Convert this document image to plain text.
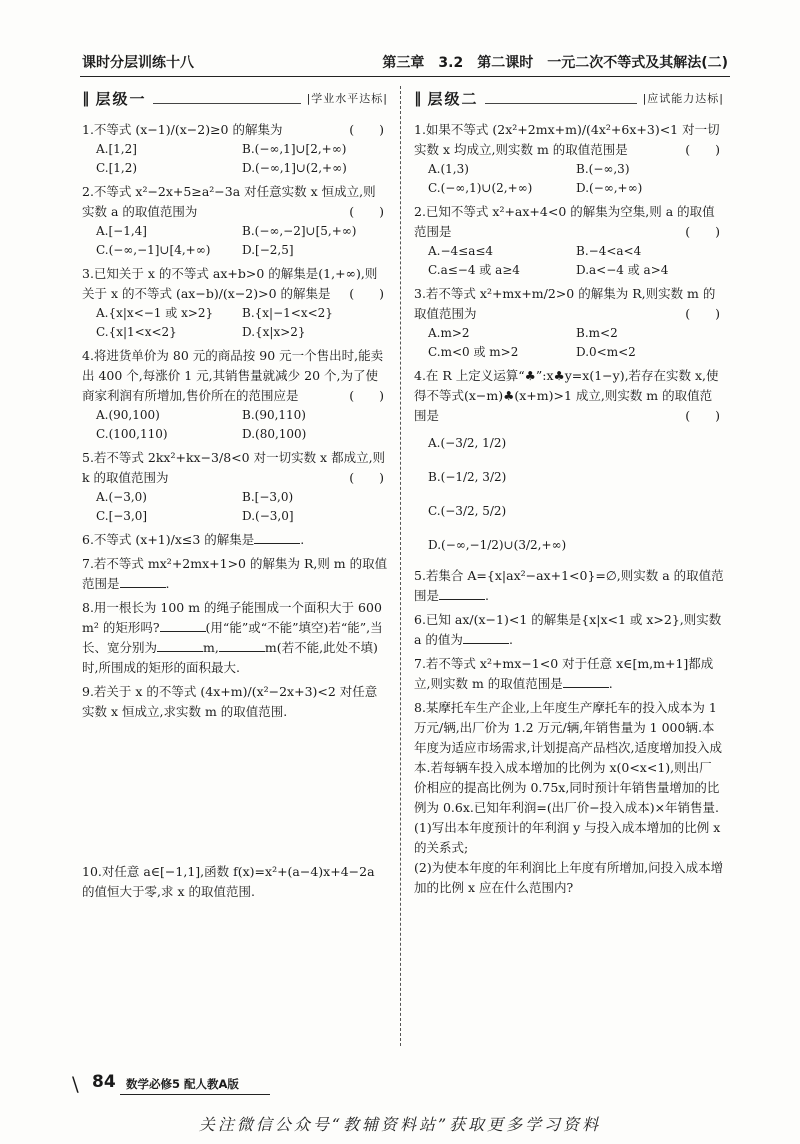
课时分层训练十八	第三章　3.2　第二课时　一元二次不等式及其解法(二)
‖ 层级一	|学业水平达标|
(　　)
1.不等式 (x−1)/(x−2)≥0 的解集为
A.[1,2]	B.(−∞,1]∪[2,+∞)
C.[1,2)	D.(−∞,1]∪(2,+∞)
2.不等式 x²−2x+5≥a²−3a 对任意实数 x 恒成立,则实数 a 的取值范围为	(　　)
A.[−1,4]	B.(−∞,−2]∪[5,+∞)
C.(−∞,−1]∪[4,+∞)	D.[−2,5]
3.已知关于 x 的不等式 ax+b>0 的解集是(1,+∞),则关于 x 的不等式 (ax−b)/(x−2)>0 的解集是 (　　)
A.{x|x<−1 或 x>2}	B.{x|−1<x<2}
C.{x|1<x<2}	D.{x|x>2}
4.将进货单价为 80 元的商品按 90 元一个售出时,能卖出 400 个,每涨价 1 元,其销售量就减少 20 个,为了使商家利润有所增加,售价所在的范围应是	(　　)
A.(90,100)	B.(90,110)
C.(100,110)	D.(80,100)
5.若不等式 2kx²+kx−3/8<0 对一切实数 x 都成立,则 k 的取值范围为	(　　)
A.(−3,0)	B.[−3,0)
C.[−3,0]	D.(−3,0]
6.不等式 (x+1)/x≤3 的解集是	.
7.若不等式 mx²+2mx+1>0 的解集为 R,则 m 的取值范围是	.
8.用一根长为 100 m 的绳子能围成一个面积大于 600 m² 的矩形吗?	(用“能”或“不能”填空)若“能”,当长、宽分别为	m,	m(若不能,此处不填)时,所围成的矩形的面积最大.
9.若关于 x 的不等式 (4x+m)/(x²−2x+3)<2 对任意实数 x 恒成立,求实数 m 的取值范围.
10.对任意 a∈[−1,1],函数 f(x)=x²+(a−4)x+4−2a 的值恒大于零,求 x 的取值范围.
‖ 层级二	|应试能力达标|
1.如果不等式 (2x²+2mx+m)/(4x²+6x+3)<1 对一切实数 x 均成立,则实数 m 的取值范围是	(　　)
A.(1,3)	B.(−∞,3)
C.(−∞,1)∪(2,+∞)	D.(−∞,+∞)
2.已知不等式 x²+ax+4<0 的解集为空集,则 a 的取值范围是	(　　)
A.−4≤a≤4	B.−4<a<4
C.a≤−4 或 a≥4	D.a<−4 或 a>4
3.若不等式 x²+mx+m/2>0 的解集为 R,则实数 m 的取值范围为	(　　)
A.m>2	B.m<2
C.m<0 或 m>2	D.0<m<2
4.在 R 上定义运算“♣”:x♣y=x(1−y),若存在实数 x,使得不等式(x−m)♣(x+m)>1 成立,则实数 m 的取值范围是	(　　)
A.(−3/2, 1/2)
B.(−1/2, 3/2)
C.(−3/2, 5/2)
D.(−∞,−1/2)∪(3/2,+∞)
5.若集合 A={x|ax²−ax+1<0}=∅,则实数 a 的取值范围是	.
6.已知 ax/(x−1)<1 的解集是{x|x<1 或 x>2},则实数 a 的值为	.
7.若不等式 x²+mx−1<0 对于任意 x∈[m,m+1]都成立,则实数 m 的取值范围是	.
8.某摩托车生产企业,上年度生产摩托车的投入成本为 1 万元/辆,出厂价为 1.2 万元/辆,年销售量为 1 000辆.本年度为适应市场需求,计划提高产品档次,适度增加投入成本.若每辆车投入成本增加的比例为 x(0<x<1),则出厂价相应的提高比例为 0.75x,同时预计年销售量增加的比例为 0.6x.已知年利润=(出厂价−投入成本)×年销售量.
(1)写出本年度预计的年利润 y 与投入成本增加的比例 x 的关系式;
(2)为使本年度的年利润比上年度有所增加,问投入成本增加的比例 x 应在什么范围内?
\ 84 数学必修5 配人教A版
关注微信公众号“教辅资料站”获取更多学习资料
